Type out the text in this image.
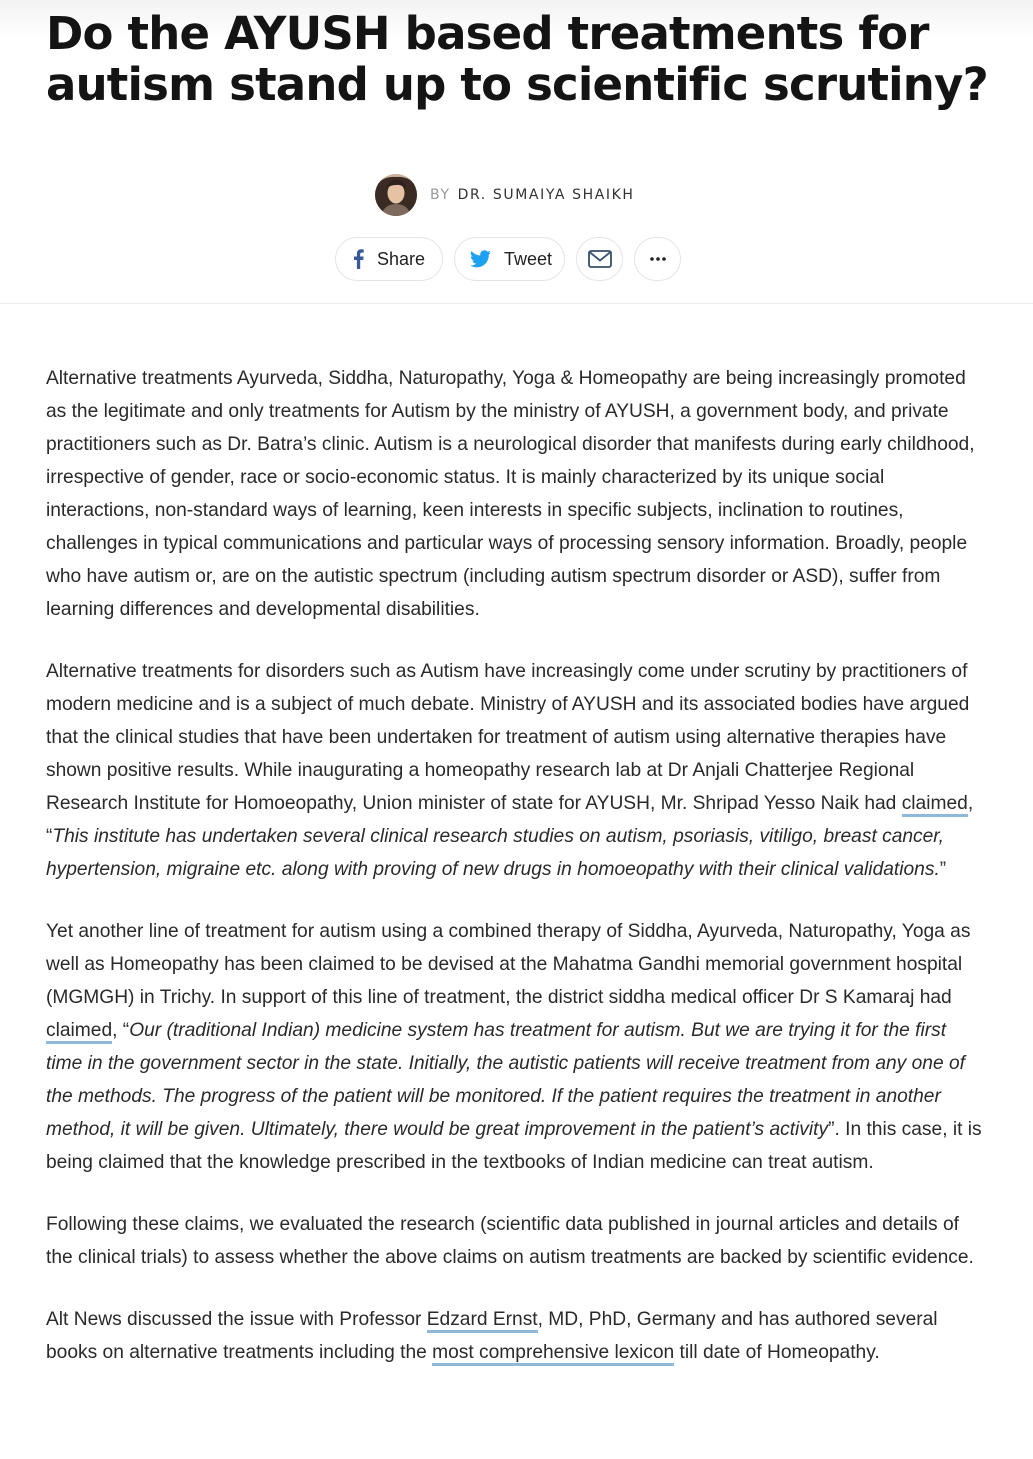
Do the AYUSH based treatments for autism stand up to scientific scrutiny?
BY DR. SUMAIYA SHAIKH
Share	Tweet

Alternative treatments Ayurveda, Siddha, Naturopathy, Yoga & Homeopathy are being increasingly promoted as the legitimate and only treatments for Autism by the ministry of AYUSH, a government body, and private practitioners such as Dr. Batra’s clinic. Autism is a neurological disorder that manifests during early childhood, irrespective of gender, race or socio-economic status. It is mainly characterized by its unique social interactions, non-standard ways of learning, keen interests in specific subjects, inclination to routines, challenges in typical communications and particular ways of processing sensory information. Broadly, people who have autism or, are on the autistic spectrum (including autism spectrum disorder or ASD), suffer from learning differences and developmental disabilities.

Alternative treatments for disorders such as Autism have increasingly come under scrutiny by practitioners of modern medicine and is a subject of much debate. Ministry of AYUSH and its associated bodies have argued that the clinical studies that have been undertaken for treatment of autism using alternative therapies have shown positive results. While inaugurating a homeopathy research lab at Dr Anjali Chatterjee Regional Research Institute for Homoeopathy, Union minister of state for AYUSH, Mr. Shripad Yesso Naik had claimed, “This institute has undertaken several clinical research studies on autism, psoriasis, vitiligo, breast cancer, hypertension, migraine etc. along with proving of new drugs in homoeopathy with their clinical validations.”

Yet another line of treatment for autism using a combined therapy of Siddha, Ayurveda, Naturopathy, Yoga as well as Homeopathy has been claimed to be devised at the Mahatma Gandhi memorial government hospital (MGMGH) in Trichy. In support of this line of treatment, the district siddha medical officer Dr S Kamaraj had claimed, “Our (traditional Indian) medicine system has treatment for autism. But we are trying it for the first time in the government sector in the state. Initially, the autistic patients will receive treatment from any one of the methods. The progress of the patient will be monitored. If the patient requires the treatment in another method, it will be given. Ultimately, there would be great improvement in the patient’s activity”. In this case, it is being claimed that the knowledge prescribed in the textbooks of Indian medicine can treat autism.

Following these claims, we evaluated the research (scientific data published in journal articles and details of the clinical trials) to assess whether the above claims on autism treatments are backed by scientific evidence.

Alt News discussed the issue with Professor Edzard Ernst, MD, PhD, Germany and has authored several books on alternative treatments including the most comprehensive lexicon till date of Homeopathy.
